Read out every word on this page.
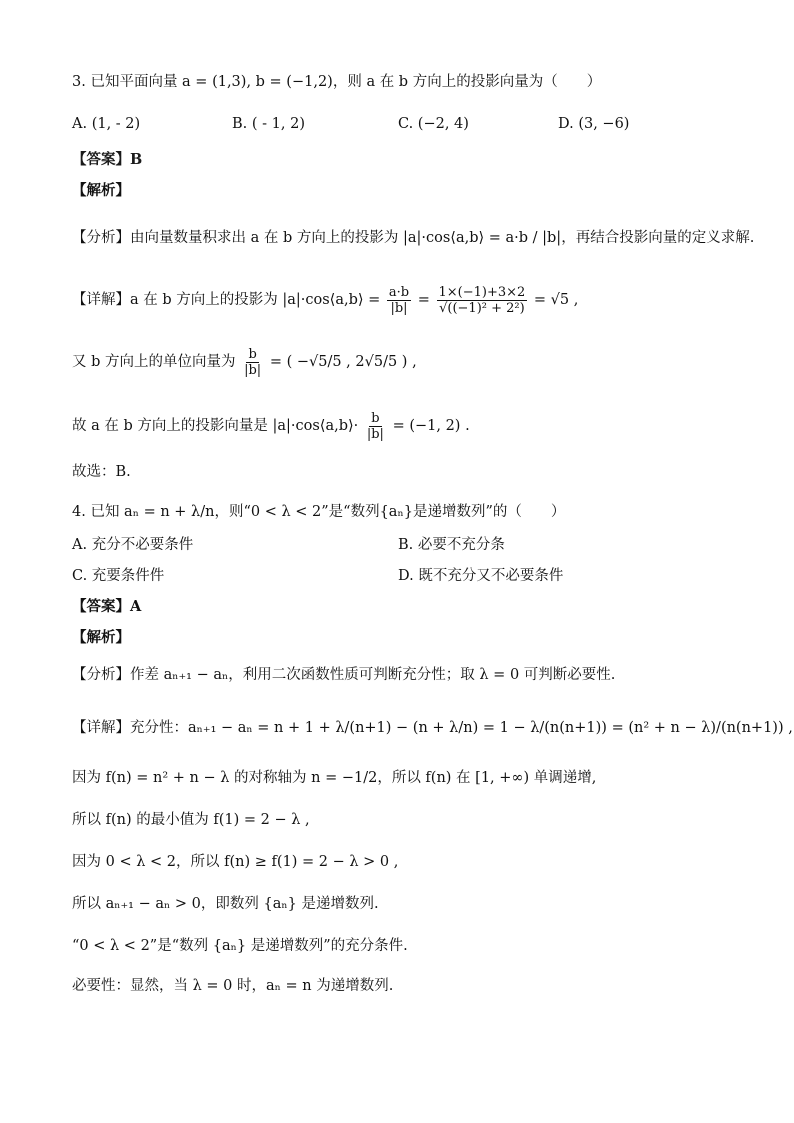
3. 已知平面向量 a = (1,3), b = (−1,2)，则 a 在 b 方向上的投影向量为（　　）
A. (1, - 2)	B. ( - 1, 2)	C. (−2, 4)	D. (3, −6)
【答案】B
【解析】
【分析】由向量数量积求出 a 在 b 方向上的投影为 |a|·cos⟨a,b⟩ = a·b / |b|，再结合投影向量的定义求解.
【详解】a 在 b 方向上的投影为 |a|·cos⟨a,b⟩ = $\frac{a\cdot b}{|b|} = \frac{1\times(-1)+3\times 2}{\text{√((−1)² + 2²)}} = √5$ ,
又 b 方向上的单位向量为 $\frac{b}{|b|}$ = ( −√5/5 , 2√5/5 ) ,
故 a 在 b 方向上的投影向量是 |a|·cos⟨a,b⟩· $\frac{b}{|b|} = (-1$, 2) .
故选：B.
4. 已知 aₙ = n + λ/n，则“0 < λ < 2”是“数列{aₙ}是递增数列”的（　　）
A. 充分不必要条件	B. 必要不充分条
C. 充要条件件	D. 既不充分又不必要条件
【答案】A
【解析】
【分析】作差 aₙ₊₁ − aₙ，利用二次函数性质可判断充分性；取 λ = 0 可判断必要性.
【详解】充分性：aₙ₊₁ − aₙ = n + 1 + λ/(n+1) − (n + λ/n) = 1 − λ/(n(n+1)) = (n² + n − λ)/(n(n+1)) ,
因为 f(n) = n² + n − λ 的对称轴为 n = −1/2，所以 f(n) 在 [1, +∞) 单调递增,
所以 f(n) 的最小值为 f(1) = 2 − λ ,
因为 0 < λ < 2，所以 f(n) ≥ f(1) = 2 − λ > 0 ,
所以 aₙ₊₁ − aₙ > 0，即数列 {aₙ} 是递增数列.
“0 < λ < 2”是“数列 {aₙ} 是递增数列”的充分条件.
必要性：显然，当 λ = 0 时，aₙ = n 为递增数列.
